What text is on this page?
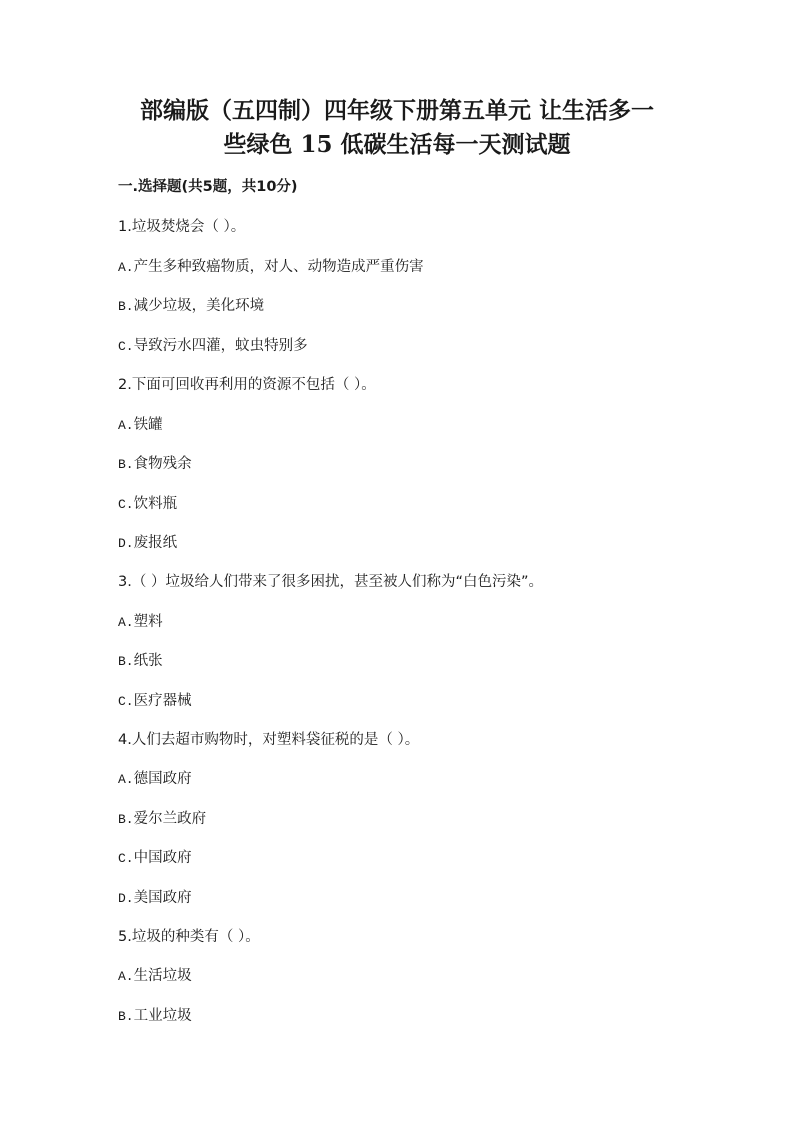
部编版（五四制）四年级下册第五单元 让生活多一
些绿色 15 低碳生活每一天测试题
一.选择题(共5题，共10分)
1.垃圾焚烧会（ ）。
A.产生多种致癌物质，对人、动物造成严重伤害
B.减少垃圾，美化环境
C.导致污水四灌，蚊虫特别多
2.下面可回收再利用的资源不包括（ ）。
A.铁罐
B.食物残余
C.饮料瓶
D.废报纸
3.（ ）垃圾给人们带来了很多困扰，甚至被人们称为“白色污染”。
A.塑料
B.纸张
C.医疗器械
4.人们去超市购物时，对塑料袋征税的是（ ）。
A.德国政府
B.爱尔兰政府
C.中国政府
D.美国政府
5.垃圾的种类有（ ）。
A.生活垃圾
B.工业垃圾
